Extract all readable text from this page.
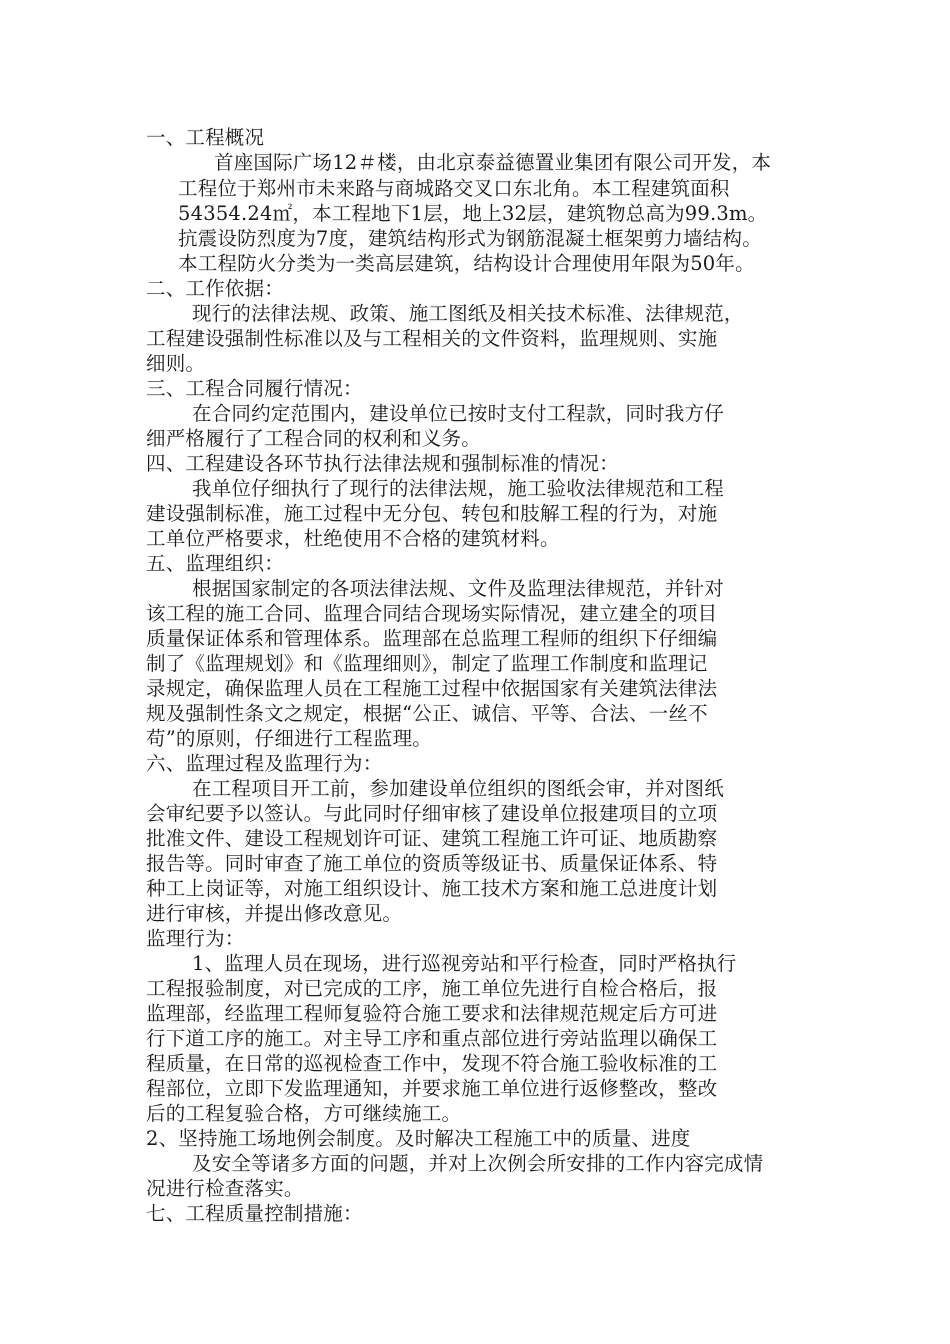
一、工程概况
首座国际广场12＃楼，由北京泰益德置业集团有限公司开发，本
工程位于郑州市未来路与商城路交叉口东北角。本工程建筑面积
54354.24㎡，本工程地下1层，地上32层，建筑物总高为99.3m。
抗震设防烈度为7度，建筑结构形式为钢筋混凝土框架剪力墙结构。
本工程防火分类为一类高层建筑，结构设计合理使用年限为50年。
二、工作依据：
现行的法律法规、政策、施工图纸及相关技术标准、法律规范，
工程建设强制性标准以及与工程相关的文件资料，监理规则、实施
细则。
三、工程合同履行情况：
在合同约定范围内，建设单位已按时支付工程款，同时我方仔
细严格履行了工程合同的权利和义务。
四、工程建设各环节执行法律法规和强制标准的情况：
我单位仔细执行了现行的法律法规，施工验收法律规范和工程
建设强制标准，施工过程中无分包、转包和肢解工程的行为，对施
工单位严格要求，杜绝使用不合格的建筑材料。
五、监理组织：
根据国家制定的各项法律法规、文件及监理法律规范，并针对
该工程的施工合同、监理合同结合现场实际情况，建立建全的项目
质量保证体系和管理体系。监理部在总监理工程师的组织下仔细编
制了《监理规划》和《监理细则》，制定了监理工作制度和监理记
录规定，确保监理人员在工程施工过程中依据国家有关建筑法律法
规及强制性条文之规定，根据“公正、诚信、平等、合法、一丝不
苟”的原则，仔细进行工程监理。
六、监理过程及监理行为：
在工程项目开工前，参加建设单位组织的图纸会审，并对图纸
会审纪要予以签认。与此同时仔细审核了建设单位报建项目的立项
批准文件、建设工程规划许可证、建筑工程施工许可证、地质勘察
报告等。同时审查了施工单位的资质等级证书、质量保证体系、特
种工上岗证等，对施工组织设计、施工技术方案和施工总进度计划
进行审核，并提出修改意见。
监理行为：
1、监理人员在现场，进行巡视旁站和平行检查，同时严格执行
工程报验制度，对已完成的工序，施工单位先进行自检合格后，报
监理部，经监理工程师复验符合施工要求和法律规范规定后方可进
行下道工序的施工。对主导工序和重点部位进行旁站监理以确保工
程质量，在日常的巡视检查工作中，发现不符合施工验收标准的工
程部位，立即下发监理通知，并要求施工单位进行返修整改，整改
后的工程复验合格，方可继续施工。
2、坚持施工场地例会制度。及时解决工程施工中的质量、进度
及安全等诸多方面的问题，并对上次例会所安排的工作内容完成情
况进行检查落实。
七、工程质量控制措施：
